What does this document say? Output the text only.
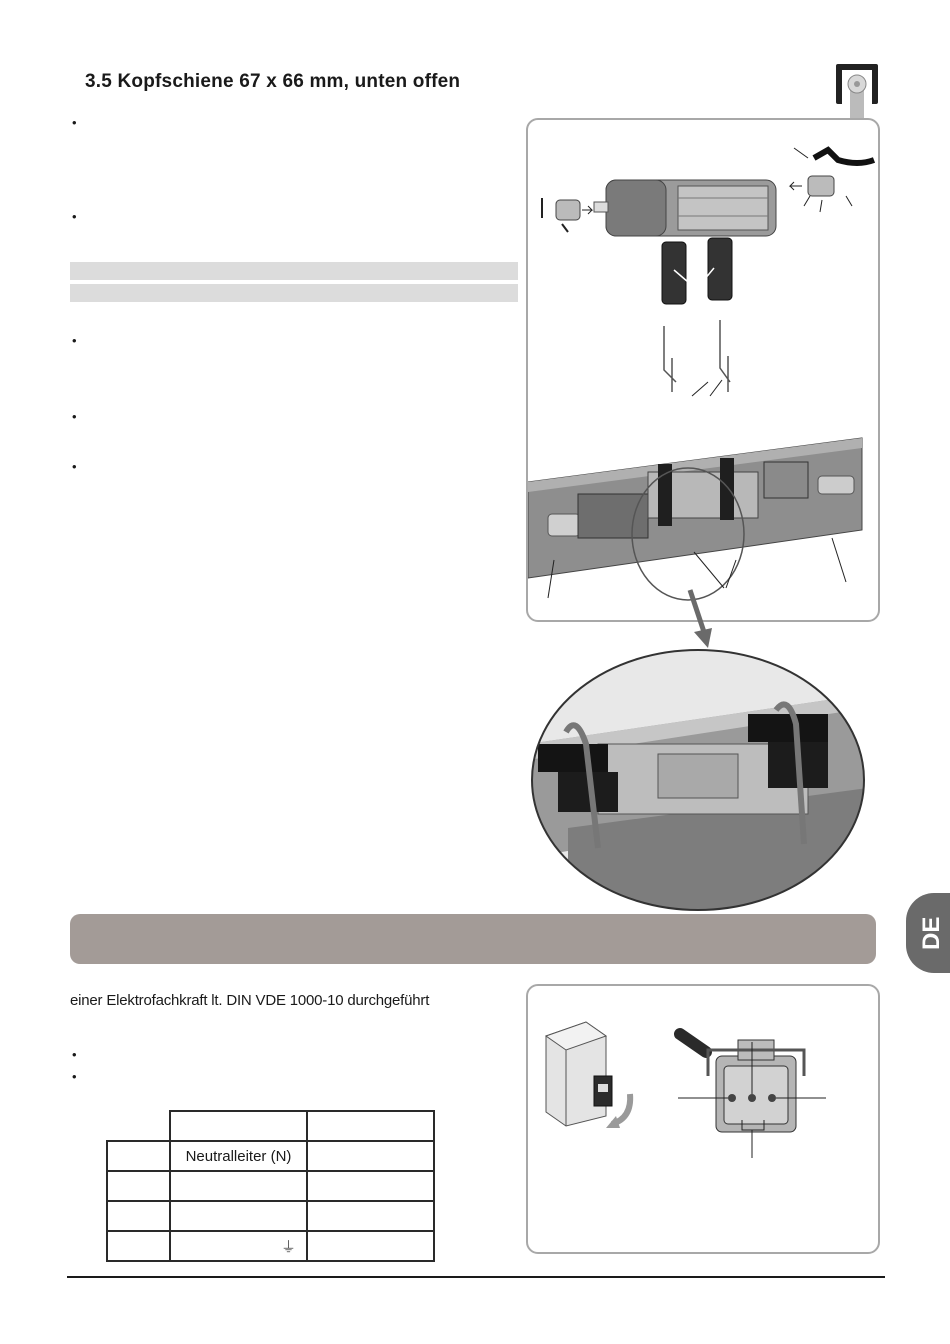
3.5 Kopfschiene 67 x 66 mm, unten offen
•
•
•
•
•
DE
einer Elektrofachkraft lt. DIN VDE 1000-10 durchgeführt
•
•

	Neutralleiter (N)	

	⏚	
